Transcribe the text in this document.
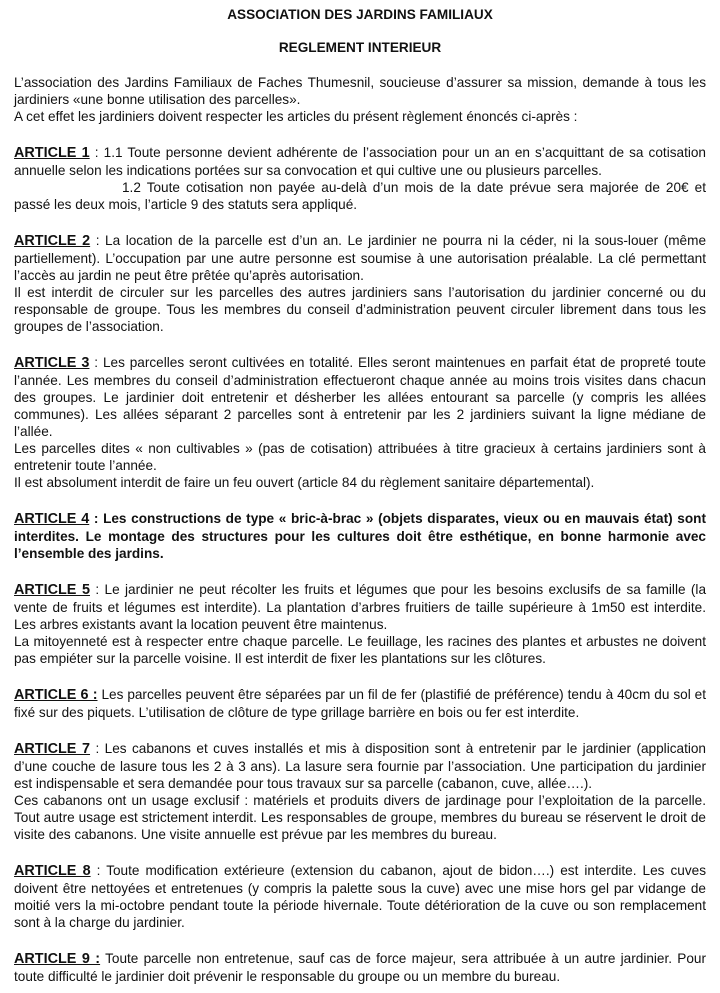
ASSOCIATION DES JARDINS FAMILIAUX
REGLEMENT INTERIEUR

L’association des Jardins Familiaux de Faches Thumesnil, soucieuse d’assurer sa mission, demande à tous les jardiniers «une bonne utilisation des parcelles».

A cet effet les jardiniers doivent respecter les articles du présent règlement énoncés ci-après :

ARTICLE 1 : 1.1 Toute personne devient adhérente de l’association pour un an en s’acquittant de sa cotisation annuelle selon les indications portées sur sa convocation et qui cultive une ou plusieurs parcelles.

1.2 Toute cotisation non payée au-delà d’un mois de la date prévue sera majorée de 20€ et passé les deux mois, l’article 9 des statuts sera appliqué.

ARTICLE 2 : La location de la parcelle est d’un an. Le jardinier ne pourra ni la céder, ni la sous-louer (même partiellement). L’occupation par une autre personne est soumise à une autorisation préalable. La clé permettant l’accès au jardin ne peut être prêtée qu’après autorisation.

Il est interdit de circuler sur les parcelles des autres jardiniers sans l’autorisation du jardinier concerné ou du responsable de groupe. Tous les membres du conseil d’administration peuvent circuler librement dans tous les groupes de l’association.

ARTICLE 3 : Les parcelles seront cultivées en totalité. Elles seront maintenues en parfait état de propreté toute l’année. Les membres du conseil d’administration effectueront chaque année au moins trois visites dans chacun des groupes. Le jardinier doit entretenir et désherber les allées entourant sa parcelle (y compris les allées communes). Les allées séparant 2 parcelles sont à entretenir par les 2 jardiniers suivant la ligne médiane de l’allée.

Les parcelles dites « non cultivables » (pas de cotisation) attribuées à titre gracieux à certains jardiniers sont à entretenir toute l’année.

Il est absolument interdit de faire un feu ouvert (article 84 du règlement sanitaire départemental).

ARTICLE 4 : Les constructions de type « bric-à-brac » (objets disparates, vieux ou en mauvais état) sont interdites. Le montage des structures pour les cultures doit être esthétique, en bonne harmonie avec l’ensemble des jardins.

ARTICLE 5 : Le jardinier ne peut récolter les fruits et légumes que pour les besoins exclusifs de sa famille (la vente de fruits et légumes est interdite). La plantation d’arbres fruitiers de taille supérieure à 1m50 est interdite. Les arbres existants avant la location peuvent être maintenus.

La mitoyenneté est à respecter entre chaque parcelle. Le feuillage, les racines des plantes et arbustes ne doivent pas empiéter sur la parcelle voisine. Il est interdit de fixer les plantations sur les clôtures.

ARTICLE 6 : Les parcelles peuvent être séparées par un fil de fer (plastifié de préférence) tendu à 40cm du sol et fixé sur des piquets. L’utilisation de clôture de type grillage barrière en bois ou fer est interdite.

ARTICLE 7 : Les cabanons et cuves installés et mis à disposition sont à entretenir par le jardinier (application d’une couche de lasure tous les 2 à 3 ans). La lasure sera fournie par l’association. Une participation du jardinier est indispensable et sera demandée pour tous travaux sur sa parcelle (cabanon, cuve, allée….).

Ces cabanons ont un usage exclusif : matériels et produits divers de jardinage pour l’exploitation de la parcelle. Tout autre usage est strictement interdit. Les responsables de groupe, membres du bureau se réservent le droit de visite des cabanons. Une visite annuelle est prévue par les membres du bureau.

ARTICLE 8 : Toute modification extérieure (extension du cabanon, ajout de bidon….) est interdite. Les cuves doivent être nettoyées et entretenues (y compris la palette sous la cuve) avec une mise hors gel par vidange de moitié vers la mi-octobre pendant toute la période hivernale. Toute détérioration de la cuve ou son remplacement sont à la charge du jardinier.

ARTICLE 9 : Toute parcelle non entretenue, sauf cas de force majeur, sera attribuée à un autre jardinier. Pour toute difficulté le jardinier doit prévenir le responsable du groupe ou un membre du bureau.
